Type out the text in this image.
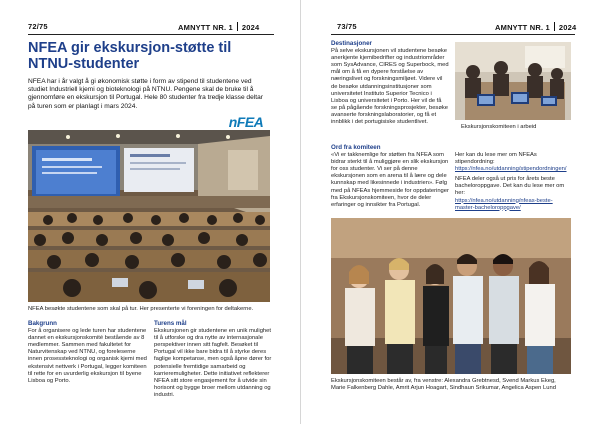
72/75	AMNYTT NR. 1 2024
NFEA gir ekskursjon-støtte til NTNU-studenter

NFEA har i år valgt å gi økonomisk støtte i form av stipend til studentene ved studiet Industriell kjemi og bioteknologi på NTNU. Pengene skal de bruke til å gjennomføre en ekskursjon til Portugal. Hele 80 studenter fra tredje klasse deltar på turen som er planlagt i mars 2024.

nFEA

NFEA besøkte studentene som skal på tur. Her presenterte vi foreningen for deltakerne.

Bakgrunn

For å organisere og lede turen har studentene dannet en ekskursjonskomité bestående av 8 medlemmer. Sammen med fakultetet for Naturvitenskap ved NTNU, og foreleserne innen prosessteknologi og organisk kjemi med ekstensivt nettverk i Portugal, legger komiteen til rette for en uvurderlig ekskursjon til byene Lisboa og Porto.

Turens mål

Ekskursjonen gir studentene en unik mulighet til å utforske og dra nytte av internasjonale perspektiver innen sitt fagfelt. Besøket til Portugal vil ikke bare bidra til å styrke deres faglige kompetanse, men også åpne dører for potensielle fremtidige samarbeid og karrieremuligheter. Dette initiativet reflekterer NFEA sitt store engasjement for å utvide sin horisont og bygge broer mellom utdanning og industri.

73/75	AMNYTT NR. 1 2024
Destinasjoner

På selve ekskursjonen vil studentene besøke anerkjente kjemibedrifter og industriområder som SysAdvance, CIRES og Superbock, med mål om å få en dypere forståelse av næringslivet og forskningsmiljøet. Videre vil de besøke utdanningsinstitusjoner som universitetet Instituto Superior Tecnico i Lisboa og universitetet i Porto. Her vil de få se på pågående forskningsprosjekter, besøke avanserte forskningslaboratorier, og få et innblikk i det portugisiske studentlivet.

Ekskursjonskomiteen i arbeid

Ord fra komiteen

«Vi er takknemlige for støtten fra NFEA som bidrar sterkt til å muliggjøre en slik ekskursjon for oss studenter. Vi ser på denne ekskursjonen som en arena til å lære og dele kunnskap med likesinnede i industrien». Følg med på NFEAs hjemmeside for oppdateringer fra Ekskursjonskomiteen, hvor de deler erfaringer og innsikter fra Portugal.

Her kan du lese mer om NFEAs stipendordning:

https://nfea.no/utdanning/stipendordningen/

NFEA deler også ut pris for årets beste bacheloroppgave. Det kan du lese mer om her:

https://nfea.no/utdanning/nfeas-beste-master-bacheloroppgave/

Ekskursjonskomiteen består av, fra venstre: Alexandra Grebtnesd, Svend Markus Ekeg, Marie Falkenberg Dahle, Amrit Arjun Hoagart, Sindhaun Srikumar, Angelica Aspen Lund
